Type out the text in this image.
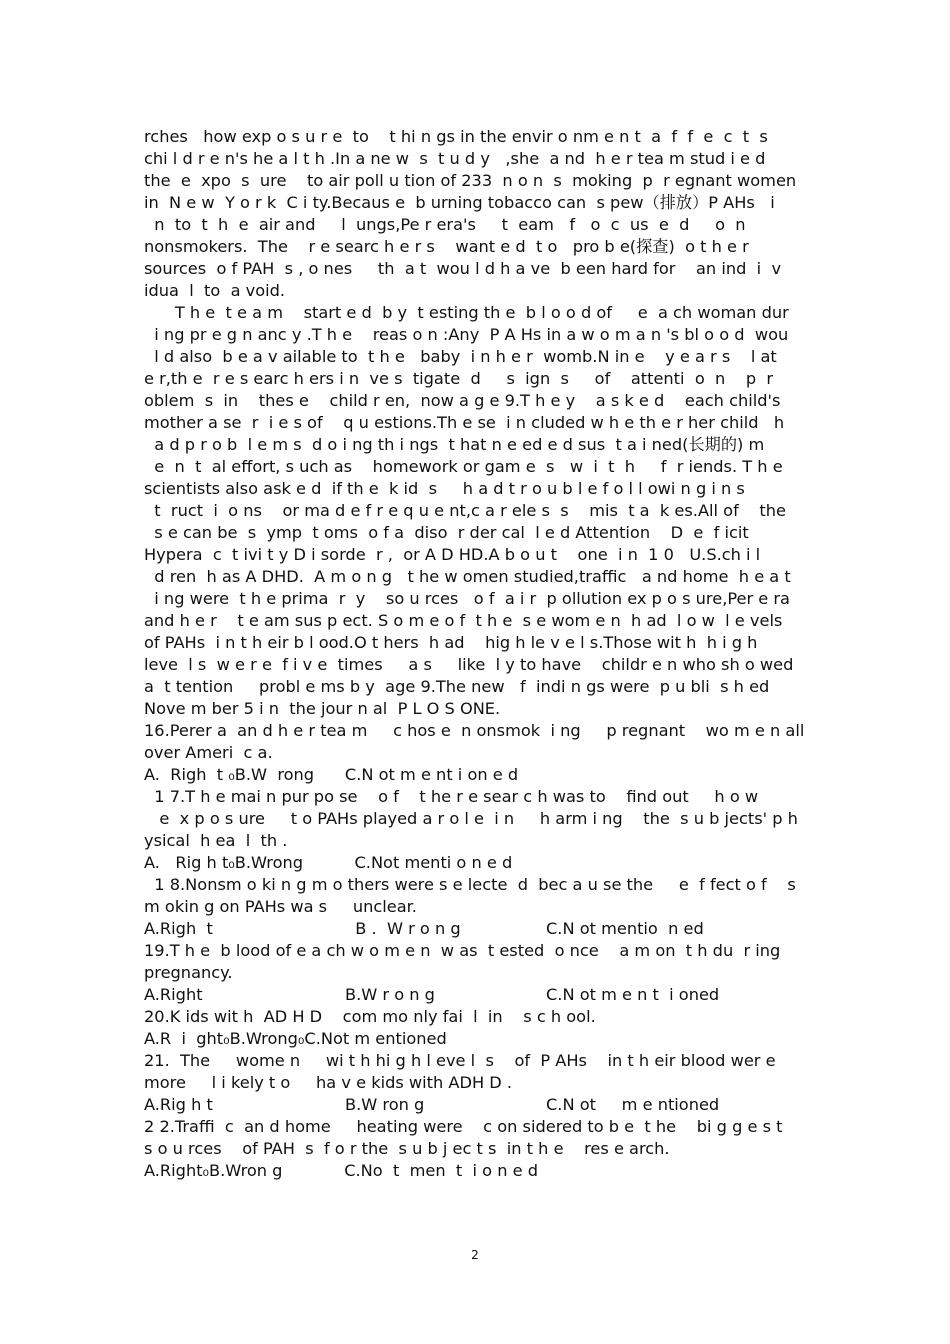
rches   how exp o s u r e  to    t hi n gs in the envir o nm e n t  a  f  f  e  c  t  s
chi l d r e n's he a l t h .In a ne w  s  t u d y   ,she  a nd  h e r tea m stud i e d
the  e  xpo  s  ure    to air poll u tion of 233  n o n  s  moking  p  r egnant women
in  N e w  Y o r k  C i ty.Becaus e  b urning tobacco can  s pew（排放）P AHs   i
n  to  t  h  e  air and     l  ungs,Pe r era's     t  eam   f   o  c  us  e  d     o  n
nonsmokers.  The    r e searc h e r s    want e d  t o   pro b e(探查)  o t h e r
sources  o f PAH  s , o nes     th  a t  wou l d h a ve  b een hard for    an ind  i  v
idua  l  to  a void.
T h e  t e a m    start e d  b y  t esting th e  b l o o d of     e  a ch woman dur
i ng pr e g n anc y .T h e    reas o n :Any  P A Hs in a w o m a n 's bl o o d  wou
l d also  b e a v ailable to  t h e   baby  i n h e r  womb.N in e    y e a r s    l at
e r,th e  r e s earc h ers i n  ve s  tigate  d     s  ign  s     of    attenti  o  n    p  r
oblem  s  in    thes e    child r en,  now a g e 9.T h e y    a s k e d    each child's
mother a se  r  i e s of    q u estions.Th e se  i n cluded w h e th e r her child   h
a d p r o b  l e m s  d o i ng th i ngs  t hat n e ed e d sus  t a i ned(长期的) m
e  n  t  al effort, s uch as    homework or gam e  s   w  i  t  h     f  r iends. T h e
scientists also ask e d  if th e  k id  s     h a d t r o u b l e f o l l owi n g i n s
t  ruct  i  o ns    or ma d e f r e q u e nt,c a r ele s  s    mis  t a  k es.All of    the
s e can be  s  ymp  t oms  o f a  diso  r der cal  l e d Attention    D  e  f icit
Hypera  c  t ivi t y D i sorde  r ,  or A D HD.A b o u t    one  i n  1 0   U.S.ch i l
d ren  h as A DHD.  A m o n g   t he w omen studied,traffic   a nd home  h e a t
i ng were  t h e prima  r  y    so u rces   o f  a i r  p ollution ex p o s ure,Per e ra
and h e r    t e am sus p ect. S o m e o f  t h e  s e wom e n  h ad  l o w  l e vels
of PAHs  i n t h eir b l ood.O t hers  h ad    hig h le v e l s.Those wit h  h i g h
leve  l s  w e r e  f i v e  times     a s     like  l y to have    childr e n who sh o wed
a  t tention     probl e ms b y  age 9.The new   f  indi n gs were  p u bli  s h ed
Nove m ber 5 i n  the jour n al  P L O S ONE.
16.Perer a  an d h e r tea m     c hos e  n onsmok  i ng     p regnant    wo m e n all
over Ameri  c a.
A.  Righ  t ₀B.W  rong      C.N ot m e nt i on e d
1 7.T h e mai n pur po se    o f    t he r e sear c h was to    find out     h o w
e  x p o s ure     t o PAHs played a r o l e  i n     h arm i ng    the  s u b jects' p h
ysical  h ea  l  th .
A.   Rig h t₀B.Wrong          C.Not menti o n e d
1 8.Nonsm o ki n g m o thers were s e lecte  d  bec a u se the     e  f fect o f    s
m okin g on PAHs wa s     unclear.
A.Righ  t	B .  W r o n g	C.N ot mentio  n ed
19.T h e  b lood of e a ch w o m e n  w as  t ested  o nce    a m on  t h du  r ing
pregnancy.
A.Right	B.W r o n g	C.N ot m e n t  i oned
20.K ids wit h  AD H D    com mo nly fai  l  in    s c h ool.
A.R  i  ght₀B.Wrong₀C.Not m entioned
21.  The     wome n     wi t h hi g h l eve l  s    of  P AHs    in t h eir blood wer e
more     l i kely t o     ha v e kids with ADH D .
A.Rig h t	B.W ron g	C.N ot     m e ntioned
2 2.Traffi  c  an d home     heating were    c on sidered to b e  t he    bi g g e s t
s o u rces    of PAH  s  f o r the  s u b j ec t s  in t h e    res e arch.
A.Right₀B.Wron g            C.No  t  men  t  i o n e d
2
